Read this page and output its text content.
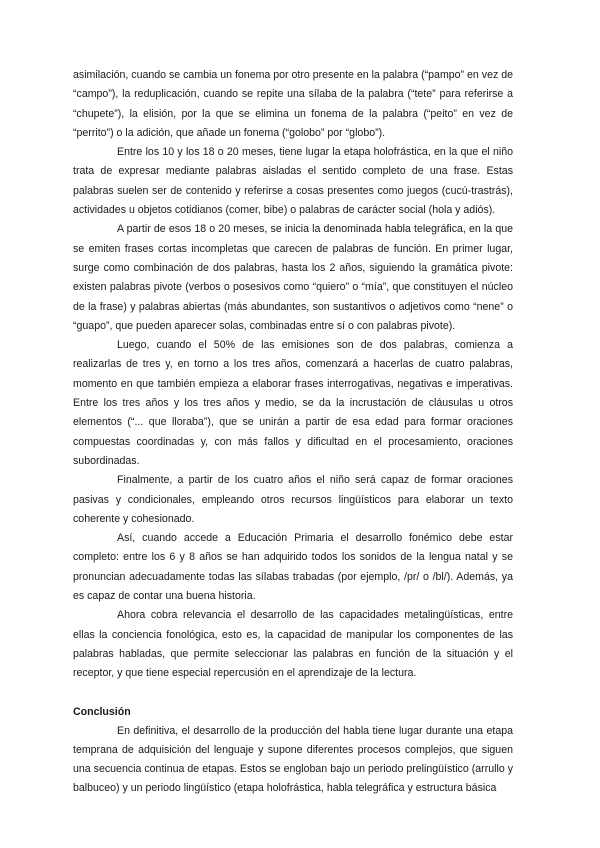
asimilación, cuando se cambia un fonema por otro presente en la palabra (“pampo” en vez de “campo”), la reduplicación, cuando se repite una sílaba de la palabra (“tete” para referirse a “chupete”), la elisión, por la que se elimina un fonema de la palabra (“peito” en vez de “perrito”) o la adición, que añade un fonema (“golobo” por “globo”).

Entre los 10 y los 18 o 20 meses, tiene lugar la etapa holofrástica, en la que el niño trata de expresar mediante palabras aisladas el sentido completo de una frase. Estas palabras suelen ser de contenido y referirse a cosas presentes como juegos (cucú-trastrás), actividades u objetos cotidianos (comer, bibe) o palabras de carácter social (hola y adiós).

A partir de esos 18 o 20 meses, se inicia la denominada habla telegráfica, en la que se emiten frases cortas incompletas que carecen de palabras de función. En primer lugar, surge como combinación de dos palabras, hasta los 2 años, siguiendo la gramática pivote: existen palabras pivote (verbos o posesivos como “quiero” o “mía”, que constituyen el núcleo de la frase) y palabras abiertas (más abundantes, son sustantivos o adjetivos como “nene” o “guapo”, que pueden aparecer solas, combinadas entre sí o con palabras pivote).

Luego, cuando el 50% de las emisiones son de dos palabras, comienza a realizarlas de tres y, en torno a los tres años, comenzará a hacerlas de cuatro palabras, momento en que también empieza a elaborar frases interrogativas, negativas e imperativas. Entre los tres años y los tres años y medio, se da la incrustación de cláusulas u otros elementos (“... que lloraba”), que se unirán a partir de esa edad para formar oraciones compuestas coordinadas y, con más fallos y dificultad en el procesamiento, oraciones subordinadas.

Finalmente, a partir de los cuatro años el niño será capaz de formar oraciones pasivas y condicionales, empleando otros recursos lingüísticos para elaborar un texto coherente y cohesionado.

Así, cuando accede a Educación Primaria el desarrollo fonémico debe estar completo: entre los 6 y 8 años se han adquirido todos los sonidos de la lengua natal y se pronuncian adecuadamente todas las sílabas trabadas (por ejemplo, /pr/ o /bl/). Además, ya es capaz de contar una buena historia.

Ahora cobra relevancia el desarrollo de las capacidades metalingüísticas, entre ellas la conciencia fonológica, esto es, la capacidad de manipular los componentes de las palabras habladas, que permite seleccionar las palabras en función de la situación y el receptor, y que tiene especial repercusión en el aprendizaje de la lectura.

Conclusión

En definitiva, el desarrollo de la producción del habla tiene lugar durante una etapa temprana de adquisición del lenguaje y supone diferentes procesos complejos, que siguen una secuencia continua de etapas. Estos se engloban bajo un periodo prelingüístico (arrullo y balbuceo) y un periodo lingüístico (etapa holofrástica, habla telegráfica y estructura básica
